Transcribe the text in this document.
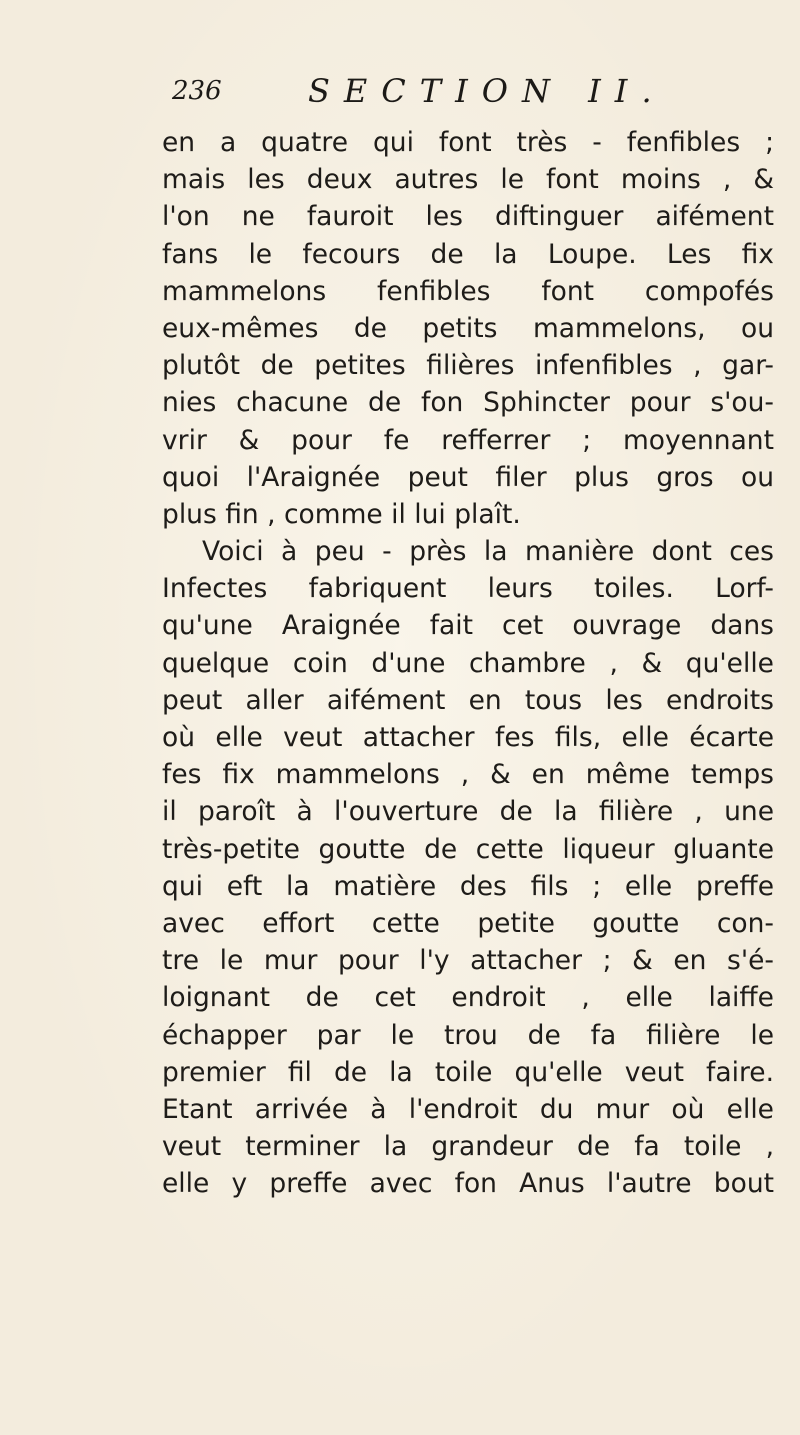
236	SECTION II.
en a quatre qui font très - fenfibles ;
mais les deux autres le font moins , &
l'on ne fauroit les diftinguer aifément
fans le fecours de la Loupe. Les fix
mammelons fenfibles font compofés
eux-mêmes de petits mammelons, ou
plutôt de petites filières infenfibles , gar-
nies chacune de fon Sphincter pour s'ou-
vrir & pour fe refferrer ; moyennant
quoi l'Araignée peut filer plus gros ou
plus fin , comme il lui plaît.
Voici à peu - près la manière dont ces
Infectes fabriquent leurs toiles. Lorf-
qu'une Araignée fait cet ouvrage dans
quelque coin d'une chambre , & qu'elle
peut aller aifément en tous les endroits
où elle veut attacher fes fils, elle écarte
fes fix mammelons , & en même temps
il paroît à l'ouverture de la filière , une
très-petite goutte de cette liqueur gluante
qui eft la matière des fils ; elle preffe
avec effort cette petite goutte con-
tre le mur pour l'y attacher ; & en s'é-
loignant de cet endroit , elle laiffe
échapper par le trou de fa filière le
premier fil de la toile qu'elle veut faire.
Etant arrivée à l'endroit du mur où elle
veut terminer la grandeur de fa toile ,
elle y preffe avec fon Anus l'autre bout
